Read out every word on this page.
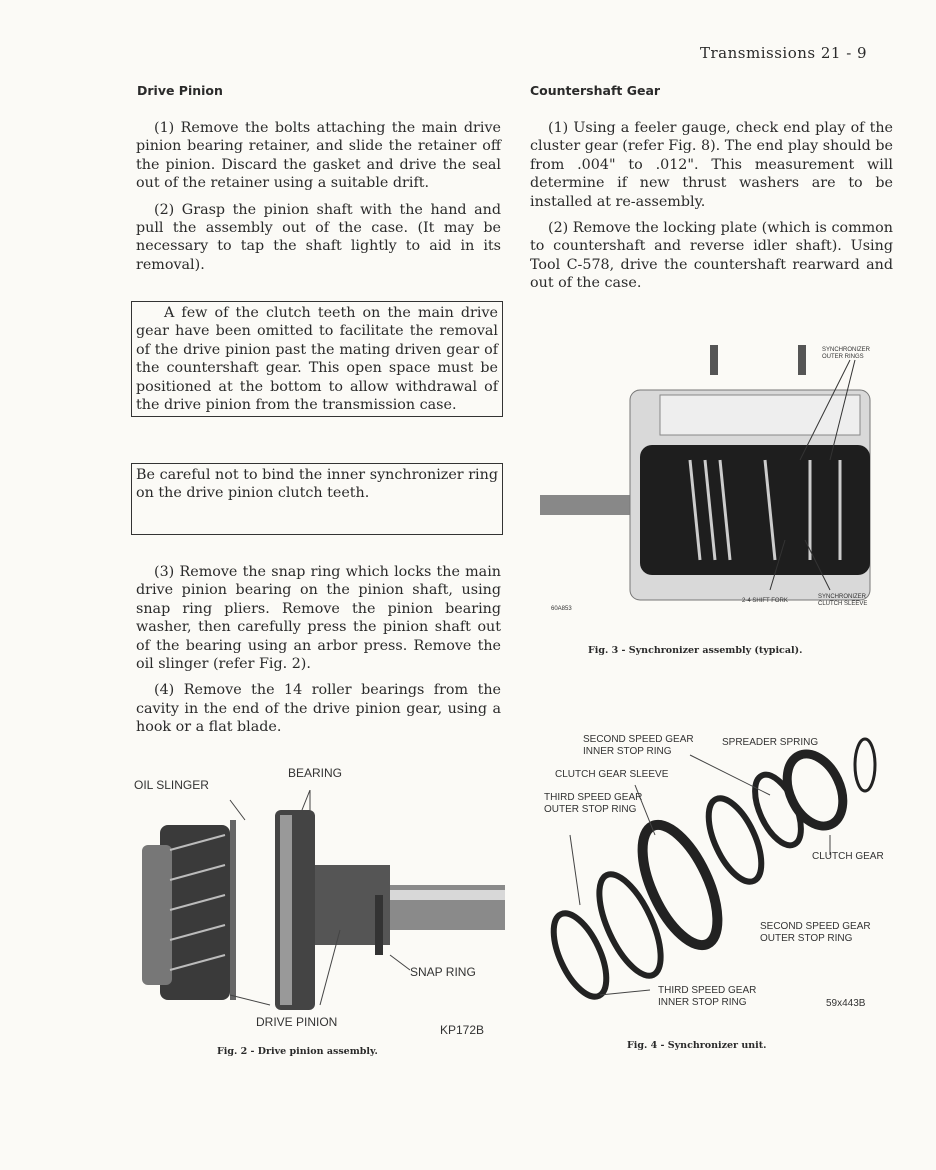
Transmissions 21 - 9
Drive Pinion

(1) Remove the bolts attaching the main drive pinion bearing retainer, and slide the retainer off the pinion. Discard the gasket and drive the seal out of the retainer using a suitable drift.

(2) Grasp the pinion shaft with the hand and pull the assembly out of the case. (It may be necessary to tap the shaft lightly to aid in its removal).

A few of the clutch teeth on the main drive gear have been omitted to facilitate the removal of the drive pinion past the mating driven gear of the countershaft gear. This open space must be positioned at the bottom to allow withdrawal of the drive pinion from the transmission case.
Be careful not to bind the inner synchronizer ring on the drive pinion clutch teeth.

(3) Remove the snap ring which locks the main drive pinion bearing on the pinion shaft, using snap ring pliers. Remove the pinion bearing washer, then carefully press the pinion shaft out of the bearing using an arbor press. Remove the oil slinger (refer Fig. 2).

(4) Remove the 14 roller bearings from the cavity in the end of the drive pinion gear, using a hook or a flat blade.

OIL SLINGER
BEARING
SNAP RING
DRIVE PINION
KP172B
Fig. 2 - Drive pinion assembly.
Countershaft Gear

(1) Using a feeler gauge, check end play of the cluster gear (refer Fig. 8). The end play should be from .004" to .012". This measurement will determine if new thrust washers are to be installed at re-assembly.

(2) Remove the locking plate (which is common to countershaft and reverse idler shaft). Using Tool C-578, drive the countershaft rearward and out of the case.

SYNCHRONIZER OUTER RINGS
2-4 SHIFT FORK
SYNCHRONIZER CLUTCH SLEEVE
60A853
Fig. 3 - Synchronizer assembly (typical).
SECOND SPEED GEAR INNER STOP RING
SPREADER SPRING
CLUTCH GEAR SLEEVE
THIRD SPEED GEAR OUTER STOP RING
CLUTCH GEAR
SECOND SPEED GEAR OUTER STOP RING
THIRD SPEED GEAR INNER STOP RING	59x443B
Fig. 4 - Synchronizer unit.
